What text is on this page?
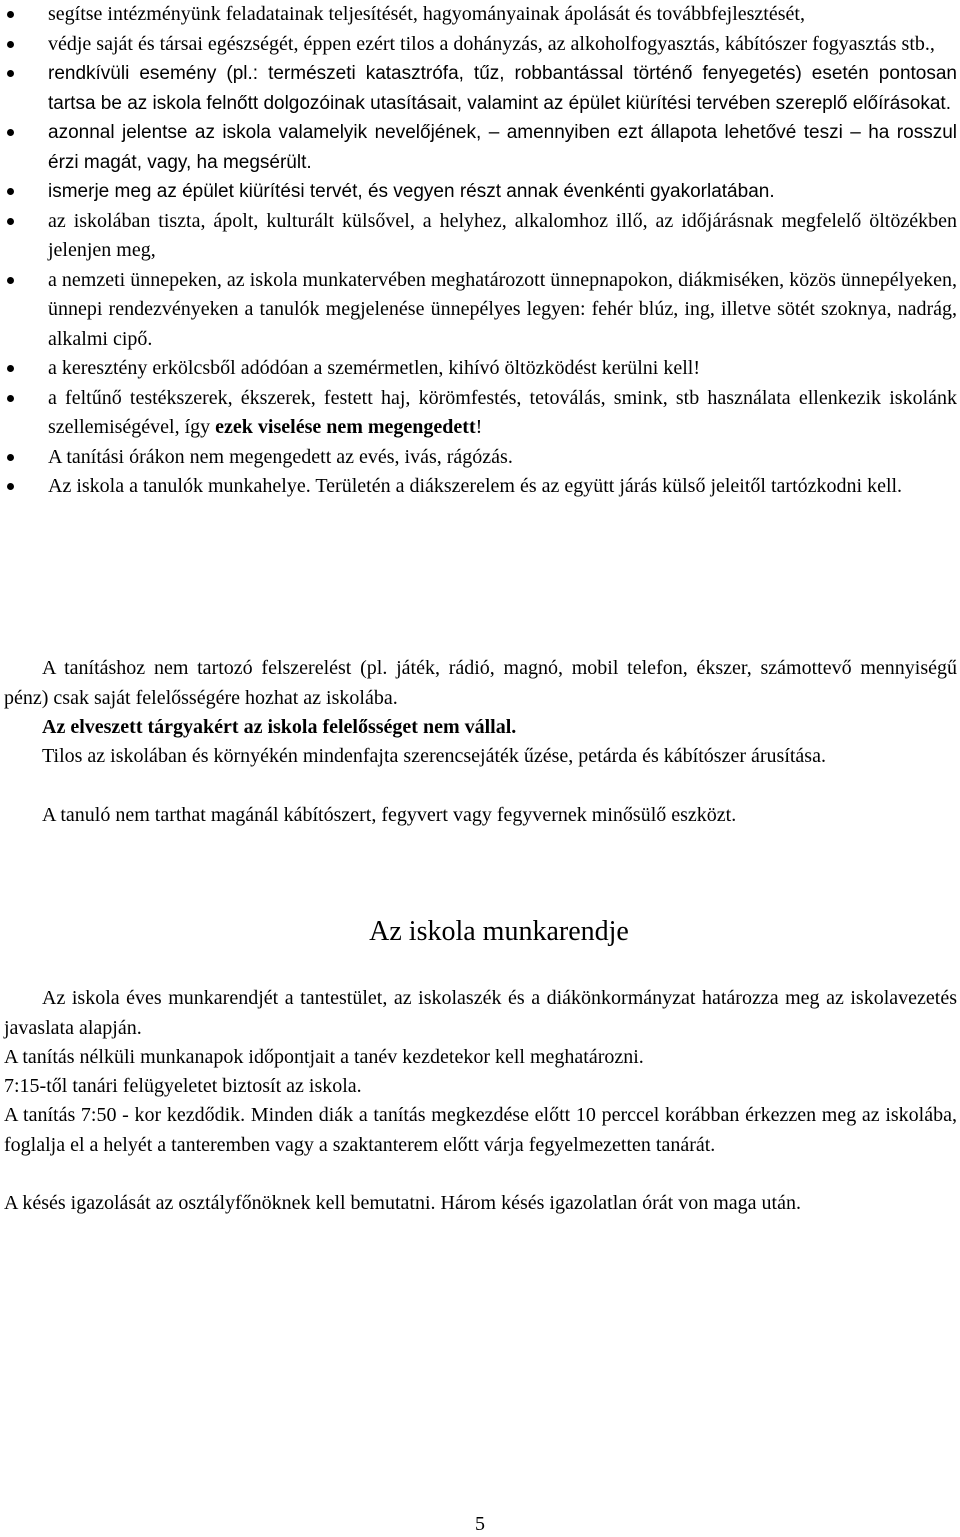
segítse intézményünk feladatainak teljesítését, hagyományainak ápolását és továbbfejlesztését,
védje saját és társai egészségét, éppen ezért tilos a dohányzás, az alkoholfogyasztás, kábítószer fogyasztás stb.,
rendkívüli esemény (pl.: természeti katasztrófa, tűz, robbantással történő fenyegetés) esetén pontosan tartsa be az iskola felnőtt dolgozóinak utasításait, valamint az épület kiürítési tervében szereplő előírásokat.
azonnal jelentse az iskola valamelyik nevelőjének, – amennyiben ezt állapota lehetővé teszi – ha rosszul érzi magát, vagy, ha megsérült.
ismerje meg az épület kiürítési tervét, és vegyen részt annak évenkénti gyakorlatában.
az iskolában tiszta, ápolt, kulturált külsővel, a helyhez, alkalomhoz illő, az időjárásnak megfelelő öltözékben jelenjen meg,
a nemzeti ünnepeken, az iskola munkatervében meghatározott ünnepnapokon, diákmiséken, közös ünnepélyeken, ünnepi rendezvényeken a tanulók megjelenése ünnepélyes legyen: fehér blúz, ing, illetve sötét szoknya, nadrág, alkalmi cipő.
a keresztény erkölcsből adódóan a szemérmetlen, kihívó öltözködést kerülni kell!
a feltűnő testékszerek, ékszerek, festett haj, körömfestés, tetoválás, smink, stb használata ellenkezik iskolánk szellemiségével, így ezek viselése nem megengedett!
A tanítási órákon nem megengedett az evés, ivás, rágózás.
Az iskola a tanulók munkahelye. Területén a diákszerelem és az együtt járás külső jeleitől tartózkodni kell.
A tanításhoz nem tartozó felszerelést (pl. játék, rádió, magnó, mobil telefon, ékszer, számottevő mennyiségű pénz) csak saját felelősségére hozhat az iskolába.
Az elveszett tárgyakért az iskola felelősséget nem vállal.
Tilos az iskolában és környékén mindenfajta szerencsejáték űzése, petárda és kábítószer árusítása.
A tanuló nem tarthat magánál kábítószert, fegyvert vagy fegyvernek minősülő eszközt.
Az iskola munkarendje
Az iskola éves munkarendjét a tantestület, az iskolaszék és a diákönkormányzat határozza meg az iskolavezetés javaslata alapján.
A tanítás nélküli munkanapok időpontjait a tanév kezdetekor kell meghatározni.
7:15-től tanári felügyeletet biztosít az iskola.
A tanítás 7:50 - kor kezdődik. Minden diák a tanítás megkezdése előtt 10 perccel korábban érkezzen meg az iskolába, foglalja el a helyét a tanteremben vagy a szaktanterem előtt várja fegyelmezetten tanárát.
A késés igazolását az osztályfőnöknek kell bemutatni. Három késés igazolatlan órát von maga után.
5
